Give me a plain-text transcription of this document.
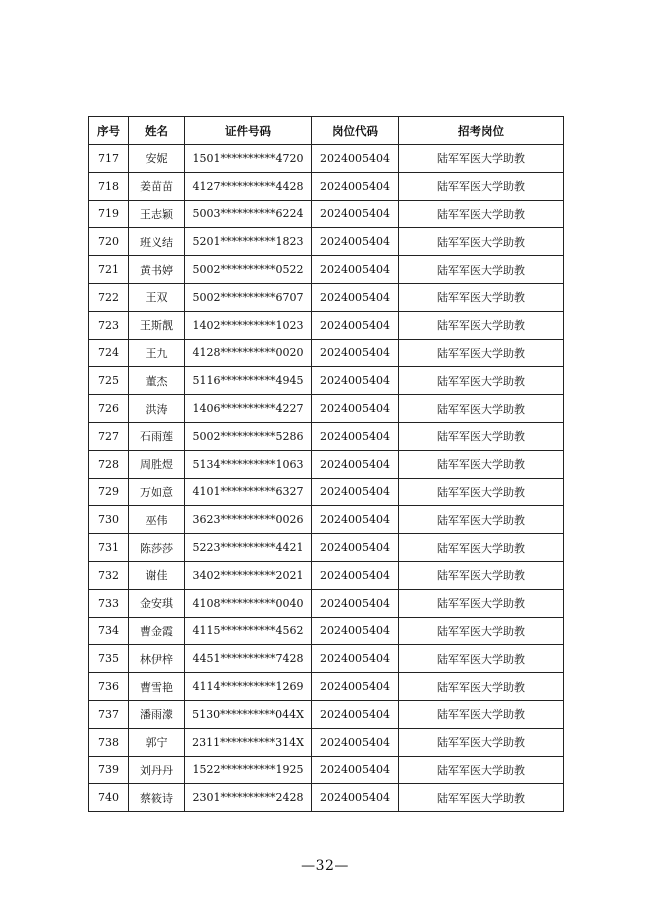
序号	姓名	证件号码	岗位代码	招考岗位
717	安妮	1501**********4720	2024005404	陆军军医大学助教
718	姜苗苗	4127**********4428	2024005404	陆军军医大学助教
719	王志颖	5003**********6224	2024005404	陆军军医大学助教
720	班义结	5201**********1823	2024005404	陆军军医大学助教
721	黄书婷	5002**********0522	2024005404	陆军军医大学助教
722	王双	5002**********6707	2024005404	陆军军医大学助教
723	王斯靓	1402**********1023	2024005404	陆军军医大学助教
724	王九	4128**********0020	2024005404	陆军军医大学助教
725	董杰	5116**********4945	2024005404	陆军军医大学助教
726	洪涛	1406**********4227	2024005404	陆军军医大学助教
727	石雨莲	5002**********5286	2024005404	陆军军医大学助教
728	周胜煜	5134**********1063	2024005404	陆军军医大学助教
729	万如意	4101**********6327	2024005404	陆军军医大学助教
730	巫伟	3623**********0026	2024005404	陆军军医大学助教
731	陈莎莎	5223**********4421	2024005404	陆军军医大学助教
732	谢佳	3402**********2021	2024005404	陆军军医大学助教
733	金安琪	4108**********0040	2024005404	陆军军医大学助教
734	曹金霞	4115**********4562	2024005404	陆军军医大学助教
735	林伊梓	4451**********7428	2024005404	陆军军医大学助教
736	曹雪艳	4114**********1269	2024005404	陆军军医大学助教
737	潘雨濛	5130**********044X	2024005404	陆军军医大学助教
738	郭宁	2311**********314X	2024005404	陆军军医大学助教
739	刘丹丹	1522**********1925	2024005404	陆军军医大学助教
740	蔡筱诗	2301**********2428	2024005404	陆军军医大学助教
—32—
